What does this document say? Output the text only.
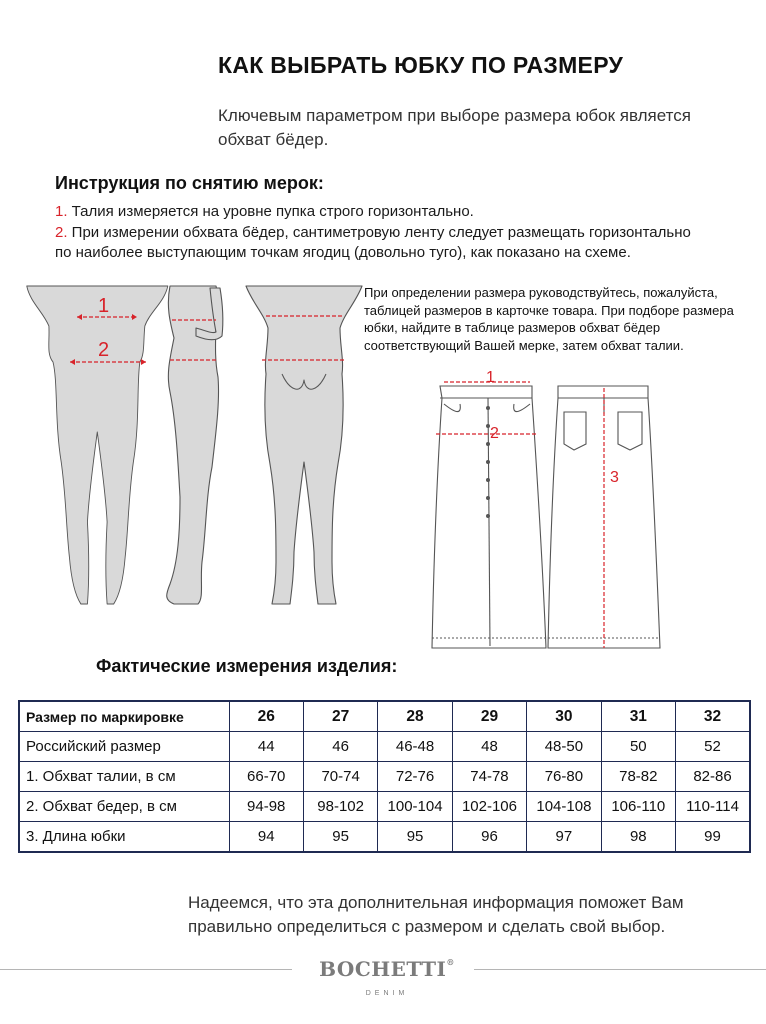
КАК ВЫБРАТЬ ЮБКУ ПО РАЗМЕРУ
Ключевым параметром при выборе размера юбок является обхват бёдер.
Инструкция по снятию мерок:
1. Талия измеряется на уровне пупка строго горизонтально.
2. При измерении обхвата бёдер, сантиметровую ленту следует размещать горизонтально по наиболее выступающим точкам ягодиц (довольно туго), как показано на схеме.
При определении размера руководствуйтесь, пожалуйста, таблицей размеров в карточке товара. При подборе размера юбки, найдите в таблице размеров обхват бёдер соответствующий Вашей мерке, затем обхват талии.
1
2
1
2
3
Фактические измерения изделия:
Размер по маркировке	26	27	28	29	30	31	32
Российский размер	44	46	46-48	48	48-50	50	52
1. Обхват талии, в см	66-70	70-74	72-76	74-78	76-80	78-82	82-86
2. Обхват бедер, в см	94-98	98-102	100-104	102-106	104-108	106-110	110-114
3. Длина юбки	94	95	95	96	97	98	99
Надеемся, что эта дополнительная информация поможет Вам правильно определиться с размером и сделать свой выбор.
BOCHETTI®
DENIM
